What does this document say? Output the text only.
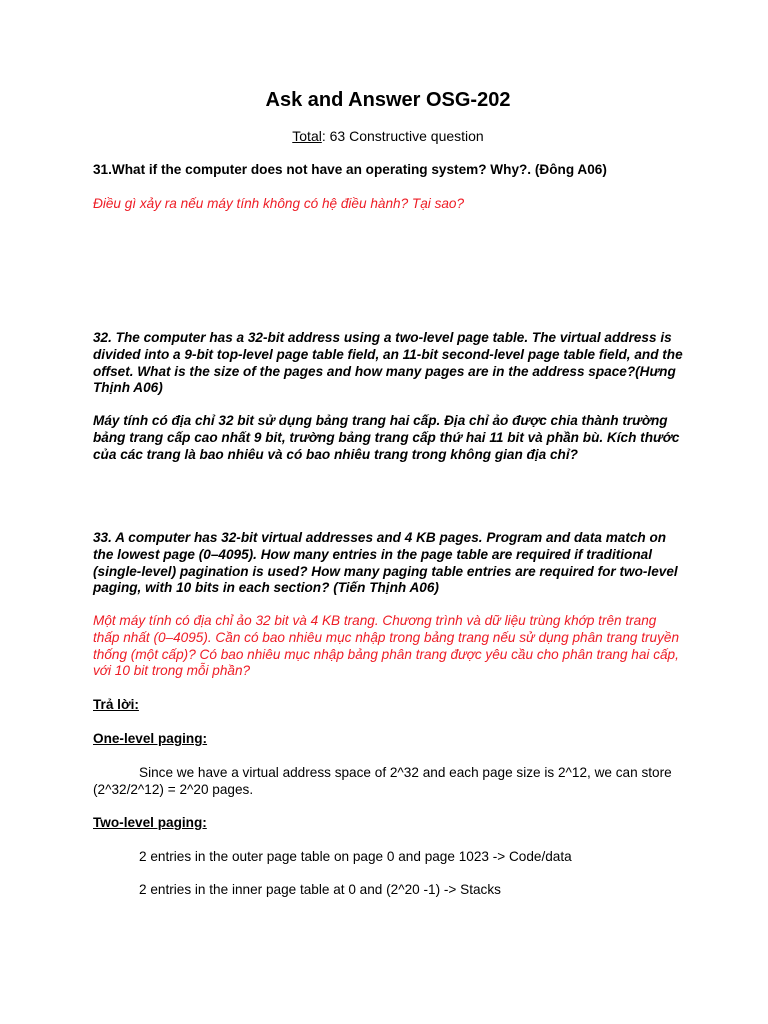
Ask and Answer OSG-202
Total: 63 Constructive question
31.What if the computer does not have an operating system? Why?. (Đông A06)
Điều gì xảy ra nếu máy tính không có hệ điều hành? Tại sao?
32. The computer has a 32-bit address using a two-level page table. The virtual address is divided into a 9-bit top-level page table field, an 11-bit second-level page table field, and the offset. What is the size of the pages and how many pages are in the address space?(Hưng Thịnh A06)
Máy tính có địa chỉ 32 bit sử dụng bảng trang hai cấp. Địa chỉ ảo được chia thành trường bảng trang cấp cao nhất 9 bit, trường bảng trang cấp thứ hai 11 bit và phần bù. Kích thước của các trang là bao nhiêu và có bao nhiêu trang trong không gian địa chỉ?
33. A computer has 32-bit virtual addresses and 4 KB pages. Program and data match on the lowest page (0–4095). How many entries in the page table are required if traditional (single-level) pagination is used? How many paging table entries are required for two-level paging, with 10 bits in each section? (Tiến Thịnh A06)
Một máy tính có địa chỉ ảo 32 bit và 4 KB trang. Chương trình và dữ liệu trùng khớp trên trang thấp nhất (0–4095). Cần có bao nhiêu mục nhập trong bảng trang nếu sử dụng phân trang truyền thống (một cấp)? Có bao nhiêu mục nhập bảng phân trang được yêu cầu cho phân trang hai cấp, với 10 bit trong mỗi phần?
Trả lời:
One-level paging:
Since we have a virtual address space of 2^32 and each page size is 2^12, we can store (2^32/2^12) = 2^20 pages.
Two-level paging:
2 entries in the outer page table on page 0 and page 1023 -> Code/data
2 entries in the inner page table at 0 and (2^20 -1) -> Stacks
